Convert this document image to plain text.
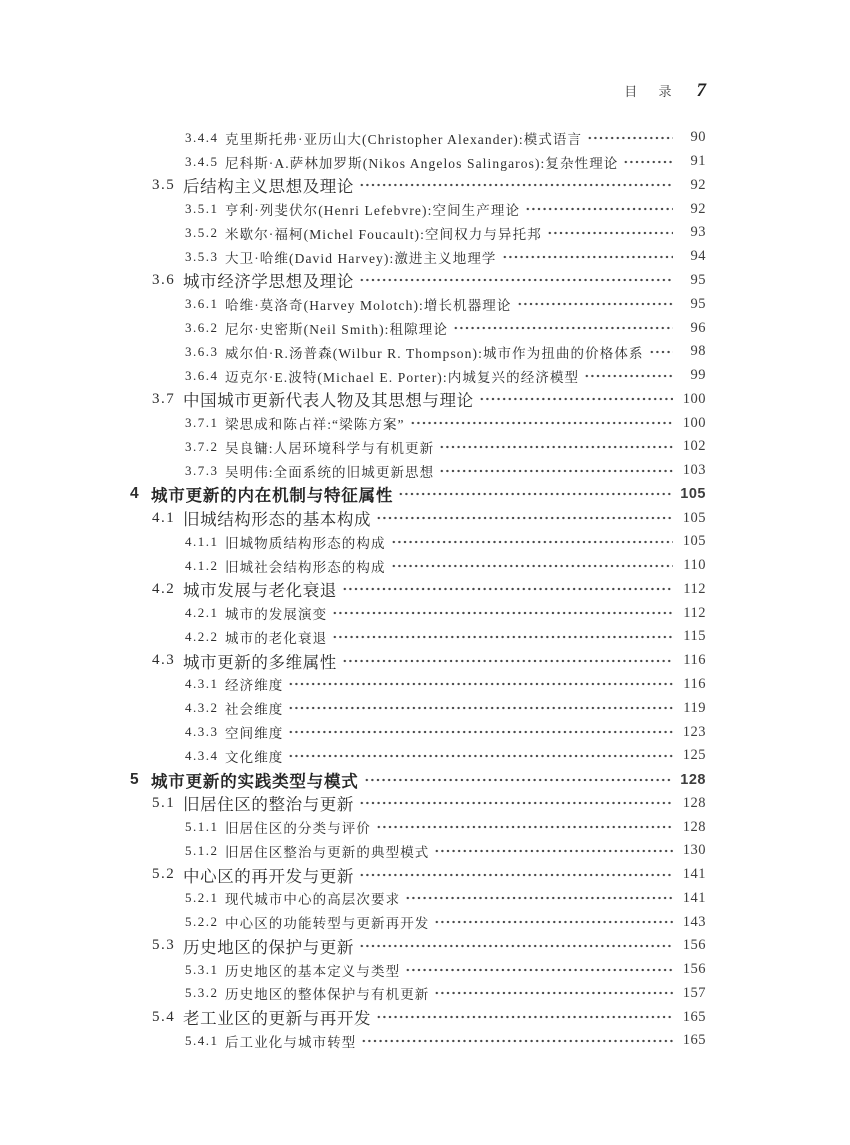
目 录 7
3.4.4 克里斯托弗·亚历山大(Christopher Alexander):模式语言	90
3.4.5 尼科斯·A.萨林加罗斯(Nikos Angelos Salingaros):复杂性理论	91
3.5 后结构主义思想及理论	92
3.5.1 亨利·列斐伏尔(Henri Lefebvre):空间生产理论	92
3.5.2 米歇尔·福柯(Michel Foucault):空间权力与异托邦	93
3.5.3 大卫·哈维(David Harvey):激进主义地理学	94
3.6 城市经济学思想及理论	95
3.6.1 哈维·莫洛奇(Harvey Molotch):增长机器理论	95
3.6.2 尼尔·史密斯(Neil Smith):租隙理论	96
3.6.3 威尔伯·R.汤普森(Wilbur R. Thompson):城市作为扭曲的价格体系	98
3.6.4 迈克尔·E.波特(Michael E. Porter):内城复兴的经济模型	99
3.7 中国城市更新代表人物及其思想与理论	100
3.7.1 梁思成和陈占祥:“梁陈方案”	100
3.7.2 吴良镛:人居环境科学与有机更新	102
3.7.3 吴明伟:全面系统的旧城更新思想	103
4 城市更新的内在机制与特征属性	105
4.1 旧城结构形态的基本构成	105
4.1.1 旧城物质结构形态的构成	105
4.1.2 旧城社会结构形态的构成	110
4.2 城市发展与老化衰退	112
4.2.1 城市的发展演变	112
4.2.2 城市的老化衰退	115
4.3 城市更新的多维属性	116
4.3.1 经济维度	116
4.3.2 社会维度	119
4.3.3 空间维度	123
4.3.4 文化维度	125
5 城市更新的实践类型与模式	128
5.1 旧居住区的整治与更新	128
5.1.1 旧居住区的分类与评价	128
5.1.2 旧居住区整治与更新的典型模式	130
5.2 中心区的再开发与更新	141
5.2.1 现代城市中心的高层次要求	141
5.2.2 中心区的功能转型与更新再开发	143
5.3 历史地区的保护与更新	156
5.3.1 历史地区的基本定义与类型	156
5.3.2 历史地区的整体保护与有机更新	157
5.4 老工业区的更新与再开发	165
5.4.1 后工业化与城市转型	165
